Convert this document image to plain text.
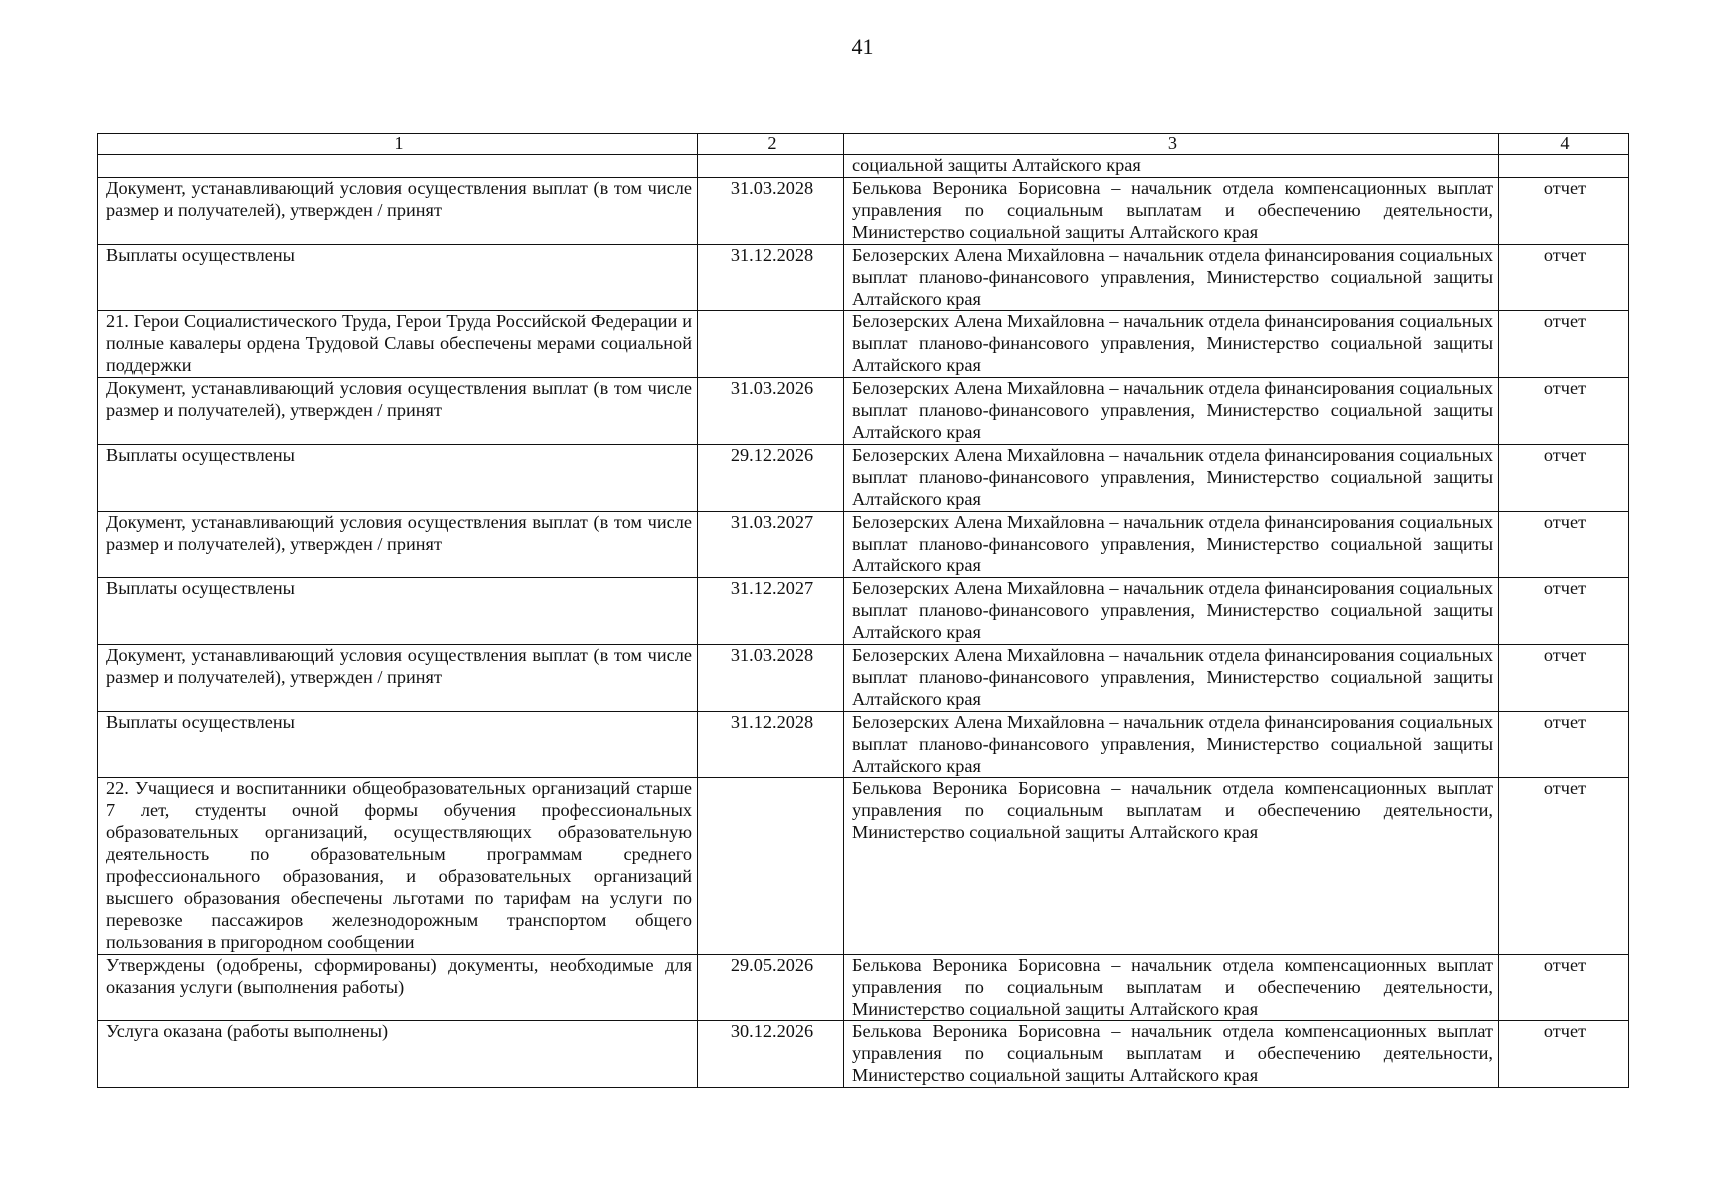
41
1	2	3	4
		социальной защиты Алтайского края	
Документ, устанавливающий условия осуществления выплат (в том числе размер и получателей), утвержден / принят	31.03.2028	Белькова Вероника Борисовна – начальник отдела компенсационных выплат управления по социальным выплатам и обеспечению деятельности, Министерство социальной защиты Алтайского края	отчет
Выплаты осуществлены	31.12.2028	Белозерских Алена Михайловна – начальник отдела финансирования социальных выплат планово-финансового управления, Министерство социальной защиты Алтайского края	отчет
21. Герои Социалистического Труда, Герои Труда Российской Федерации и полные кавалеры ордена Трудовой Славы обеспечены мерами социальной поддержки		Белозерских Алена Михайловна – начальник отдела финансирования социальных выплат планово-финансового управления, Министерство социальной защиты Алтайского края	отчет
Документ, устанавливающий условия осуществления выплат (в том числе размер и получателей), утвержден / принят	31.03.2026	Белозерских Алена Михайловна – начальник отдела финансирования социальных выплат планово-финансового управления, Министерство социальной защиты Алтайского края	отчет
Выплаты осуществлены	29.12.2026	Белозерских Алена Михайловна – начальник отдела финансирования социальных выплат планово-финансового управления, Министерство социальной защиты Алтайского края	отчет
Документ, устанавливающий условия осуществления выплат (в том числе размер и получателей), утвержден / принят	31.03.2027	Белозерских Алена Михайловна – начальник отдела финансирования социальных выплат планово-финансового управления, Министерство социальной защиты Алтайского края	отчет
Выплаты осуществлены	31.12.2027	Белозерских Алена Михайловна – начальник отдела финансирования социальных выплат планово-финансового управления, Министерство социальной защиты Алтайского края	отчет
Документ, устанавливающий условия осуществления выплат (в том числе размер и получателей), утвержден / принят	31.03.2028	Белозерских Алена Михайловна – начальник отдела финансирования социальных выплат планово-финансового управления, Министерство социальной защиты Алтайского края	отчет
Выплаты осуществлены	31.12.2028	Белозерских Алена Михайловна – начальник отдела финансирования социальных выплат планово-финансового управления, Министерство социальной защиты Алтайского края	отчет
22. Учащиеся и воспитанники общеобразовательных организаций старше 7 лет, студенты очной формы обучения профессиональных образовательных организаций, осуществляющих образовательную деятельность по образовательным программам среднего профессионального образования, и образовательных организаций высшего образования обеспечены льготами по тарифам на услуги по перевозке пассажиров железнодорожным транспортом общего пользования в пригородном сообщении		Белькова Вероника Борисовна – начальник отдела компенсационных выплат управления по социальным выплатам и обеспечению деятельности, Министерство социальной защиты Алтайского края	отчет
Утверждены (одобрены, сформированы) документы, необходимые для оказания услуги (выполнения работы)	29.05.2026	Белькова Вероника Борисовна – начальник отдела компенсационных выплат управления по социальным выплатам и обеспечению деятельности, Министерство социальной защиты Алтайского края	отчет
Услуга оказана (работы выполнены)	30.12.2026	Белькова Вероника Борисовна – начальник отдела компенсационных выплат управления по социальным выплатам и обеспечению деятельности, Министерство социальной защиты Алтайского края	отчет
